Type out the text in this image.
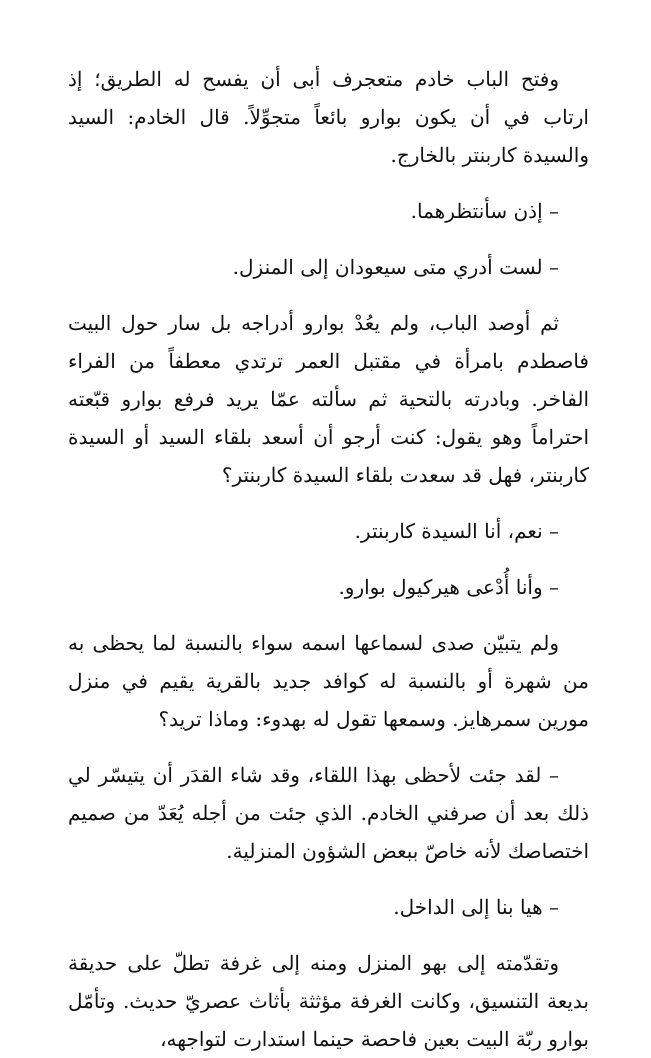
وفتح الباب خادم متعجرف أبى أن يفسح له الطريق؛ إذ ارتاب في أن يكون بوارو بائعاً متجوِّلاً. قال الخادم: السيد والسيدة كاربنتر بالخارج.

– إذن سأنتظرهما.

– لست أدري متى سيعودان إلى المنزل.

ثم أوصد الباب، ولم يعُدْ بوارو أدراجه بل سار حول البيت فاصطدم بامرأة في مقتبل العمر ترتدي معطفاً من الفراء الفاخر. وبادرته بالتحية ثم سألته عمّا يريد فرفع بوارو قبّعته احتراماً وهو يقول: كنت أرجو أن أسعد بلقاء السيد أو السيدة كاربنتر، فهل قد سعدت بلقاء السيدة كاربنتر؟

– نعم، أنا السيدة كاربنتر.

– وأنا أُدْعى هيركيول بوارو.

ولم يتبيّن صدى لسماعها اسمه سواء بالنسبة لما يحظى به من شهرة أو بالنسبة له كوافد جديد بالقرية يقيم في منزل مورين سمرهايز. وسمعها تقول له بهدوء: وماذا تريد؟

– لقد جئت لأحظى بهذا اللقاء، وقد شاء القدَر أن يتيسّر لي ذلك بعد أن صرفني الخادم. الذي جئت من أجله يُعَدّ من صميم اختصاصك لأنه خاصّ ببعض الشؤون المنزلية.

– هيا بنا إلى الداخل.

وتقدّمته إلى بهو المنزل ومنه إلى غرفة تطلّ على حديقة بديعة التنسيق، وكانت الغرفة مؤثثة بأثاث عصريّ حديث. وتأمّل بوارو ربّة البيت بعين فاحصة حينما استدارت لتواجهه،
